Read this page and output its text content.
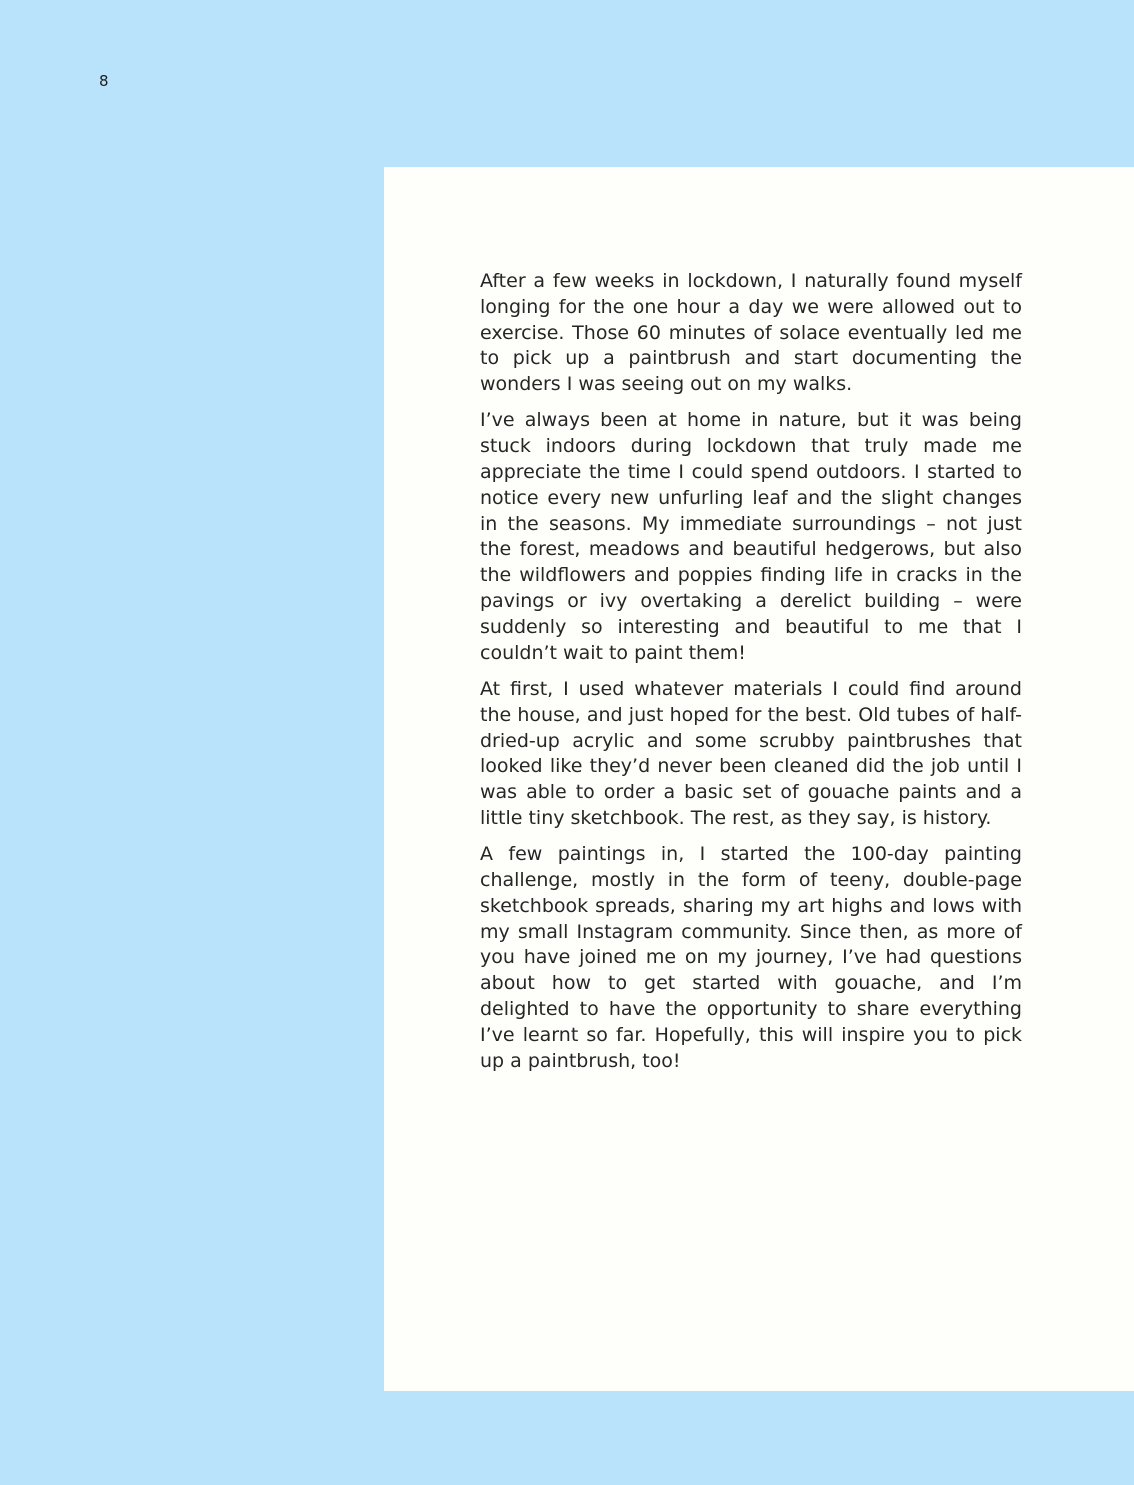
8

After a few weeks in lockdown, I naturally found myself longing for the one hour a day we were allowed out to exercise. Those 60 minutes of solace eventually led me to pick up a paintbrush and start documenting the wonders I was seeing out on my walks.

I’ve always been at home in nature, but it was being stuck indoors during lockdown that truly made me appreciate the time I could spend outdoors. I started to notice every new unfurling leaf and the slight changes in the seasons. My immediate surroundings – not just the forest, meadows and beautiful hedgerows, but also the wildflowers and poppies finding life in cracks in the pavings or ivy overtaking a derelict building – were suddenly so interesting and beautiful to me that I couldn’t wait to paint them!

At first, I used whatever materials I could find around the house, and just hoped for the best. Old tubes of half-dried-up acrylic and some scrubby paintbrushes that looked like they’d never been cleaned did the job until I was able to order a basic set of gouache paints and a little tiny sketchbook. The rest, as they say, is history.

A few paintings in, I started the 100-day painting challenge, mostly in the form of teeny, double-page sketchbook spreads, sharing my art highs and lows with my small Instagram community. Since then, as more of you have joined me on my journey, I’ve had questions about how to get started with gouache, and I’m delighted to have the opportunity to share everything I’ve learnt so far. Hopefully, this will inspire you to pick up a paintbrush, too!
